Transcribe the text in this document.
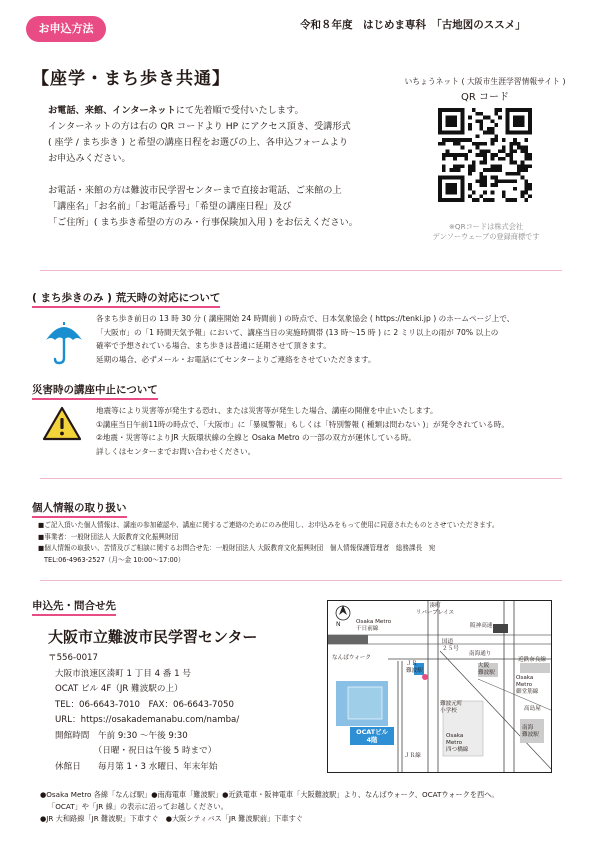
お申込方法	令和８年度　はじめま専科　「古地図のススメ」
【座学・まち歩き共通】
お電話、来館、インターネットにて先着順で受付いたします。
インターネットの方は右の QR コードより HP にアクセス頂き、受講形式
( 座学 / まち歩き ) と希望の講座日程をお選びの上、各申込フォームより
お申込みください。
お電話・来館の方は難波市民学習センターまで直接お電話、ご来館の上
「講座名」「お名前」「お電話番号」「希望の講座日程」及び
「ご住所」( まち歩き希望の方のみ・行事保険加入用 ) をお伝えください。
いちょうネット ( 大阪市生涯学習情報サイト )
QR コード
※QRコードは株式会社
デンソーウェーブの登録商標です
( まち歩きのみ ) 荒天時の対応について
各まち歩き前日の 13 時 30 分 ( 講座開始 24 時間前 ) の時点で、日本気象協会 ( https://tenki.jp ) のホームページ上で、
「大阪市」の「1 時間天気予報」において、講座当日の実施時間帯 (13 時～15 時 ) に 2 ミリ以上の雨が 70% 以上の
確率で予想されている場合、まち歩きは普通に延期させて頂きます。
延期の場合、必ずメール・お電話にてセンターよりご連絡をさせていただきます。
災害時の講座中止について
地震等により災害等が発生する恐れ、または災害等が発生した場合、講座の開催を中止いたします。
①講座当日午前11時の時点で、「大阪市」に「暴風警報」もしくは「特別警報 ( 種類は問わない )」が発令されている時。
②地震・災害等によりJR 大阪環状線の全線と Osaka Metro の一部の双方が運休している時。
詳しくはセンターまでお問い合わせください。
個人情報の取り扱い
■ご記入頂いた個人情報は、講座の参加確認や、講座に関するご連絡のためにのみ使用し、お申込みをもって使用に同意されたものとさせていただきます。
■事業者：一般財団法人 大阪教育文化振興財団
■個人情報の取扱い、苦情及びご相談に関するお問合せ先：一般財団法人 大阪教育文化振興財団　個人情報保護管理者　総務課長　宛
TEL:06-4963-2527（月～金 10:00～17:00）
申込先・問合せ先
大阪市立難波市民学習センター
〒556-0017
大阪市浪速区湊町 1 丁目 4 番 1 号
OCAT ビル 4F（JR 難波駅の上）
TEL：06-6643-7010　FAX：06-6643-7050
URL：https://osakademanabu.com/namba/
開館時間　午前 9:30 ～午後 9:30
　　　　　（日曜・祝日は午後 5 時まで）
休館日　　毎月第 1・3 水曜日、年末年始
N
湊町
リバープレイス
Osaka Metro
千日前線	阪神高速
なんばウォーク
南海通り
国道
２５号
ＪＲ
難波駅
大阪
難波駅
近鉄奈良線
Osaka
Metro
御堂筋線
高島屋
南海
難波駅
Osaka
Metro
四つ橋線
難波元町
小学校
OCATビル
4階
ＪＲ線
●Osaka Metro 各線「なんば駅」●南海電車「難波駅」●近鉄電車・阪神電車「大阪難波駅」より、なんばウォーク、OCATウォークを西へ。
「OCAT」や「JR 線」の表示に沿ってお越しください。
●JR 大和路線「JR 難波駅」下車すぐ　●大阪シティバス「JR 難波駅前」下車すぐ
